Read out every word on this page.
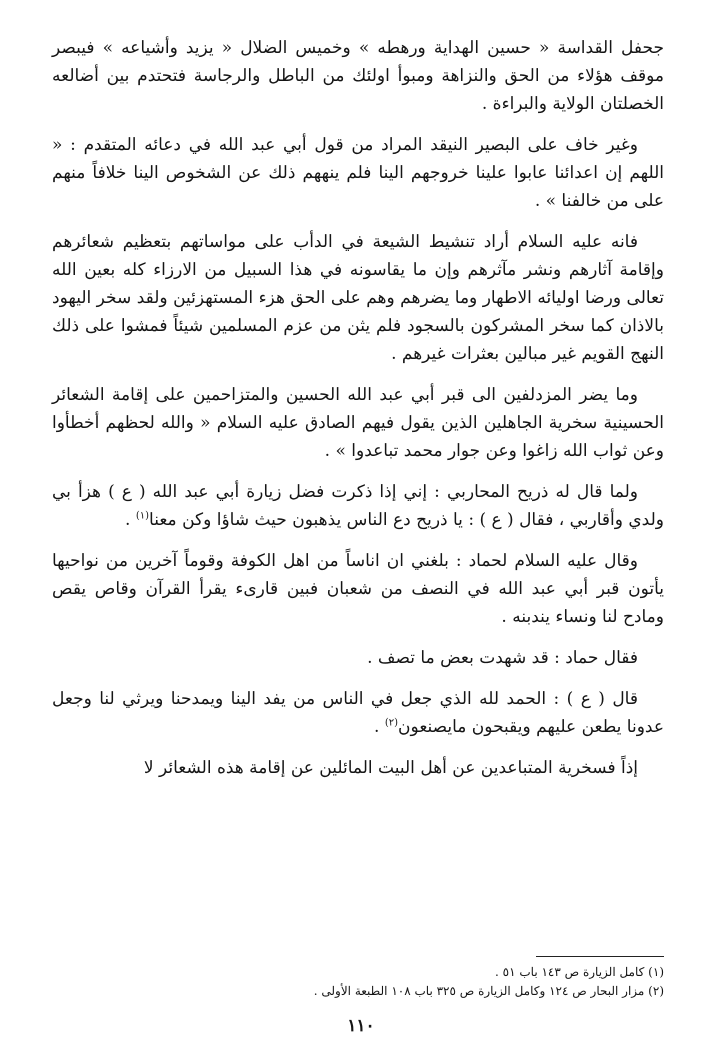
جحفل القداسة « حسين الهداية ورهطه » وخميس الضلال « يزيد وأشياعه » فيبصر موقف هؤلاء من الحق والنزاهة ومبوأ اولئك من الباطل والرجاسة فتحتدم بين أضالعه الخصلتان الولاية والبراءة .

وغير خاف على البصير النيقد المراد من قول أبي عبد الله في دعائه المتقدم : « اللهم إن اعدائنا عابوا علينا خروجهم الينا فلم ينههم ذلك عن الشخوص الينا خلافاً منهم على من خالفنا » .

فانه عليه السلام أراد تنشيط الشيعة في الدأب على مواساتهم بتعظيم شعائرهم وإقامة آثارهم ونشر مآثرهم وإن ما يقاسونه في هذا السبيل من الارزاء كله بعين الله تعالى ورضا اوليائه الاطهار وما يضرهم وهم على الحق هزء المستهزئين ولقد سخر اليهود بالاذان كما سخر المشركون بالسجود فلم يثن من عزم المسلمين شيئاً فمشوا على ذلك النهج القويم غير مبالين بعثرات غيرهم .

وما يضر المزدلفين الى قبر أبي عبد الله الحسين والمتزاحمين على إقامة الشعائر الحسينية سخرية الجاهلين الذين يقول فيهم الصادق عليه السلام « والله لحظهم أخطأوا وعن ثواب الله زاغوا وعن جوار محمد تباعدوا » .

ولما قال له ذريح المحاربي : إني إذا ذكرت فضل زيارة أبي عبد الله ( ع ) هزأ بي ولدي وأقاربي ، فقال ( ع ) : يا ذريح دع الناس يذهبون حيث شاؤا وكن معنا$^{(١)}$ .

وقال عليه السلام لحماد : بلغني ان اناساً من اهل الكوفة وقوماً آخرين من نواحيها يأتون قبر أبي عبد الله في النصف من شعبان فبين قارىء يقرأ القرآن وقاص يقص ومادح لنا ونساء يندبنه .

فقال حماد : قد شهدت بعض ما تصف .

قال ( ع ) : الحمد لله الذي جعل في الناس من يفد الينا ويمدحنا ويرثي لنا وجعل عدونا يطعن عليهم ويقبحون مايصنعون$^{(٢)}$ .

إذاً فسخرية المتباعدين عن أهل البيت المائلين عن إقامة هذه الشعائر لا

(١) كامل الزيارة ص ١٤٣ باب ٥١ .

(٢) مزار البحار ص ١٢٤ وكامل الزيارة ص ٣٢٥ باب ١٠٨ الطبعة الأولى .

١١٠
